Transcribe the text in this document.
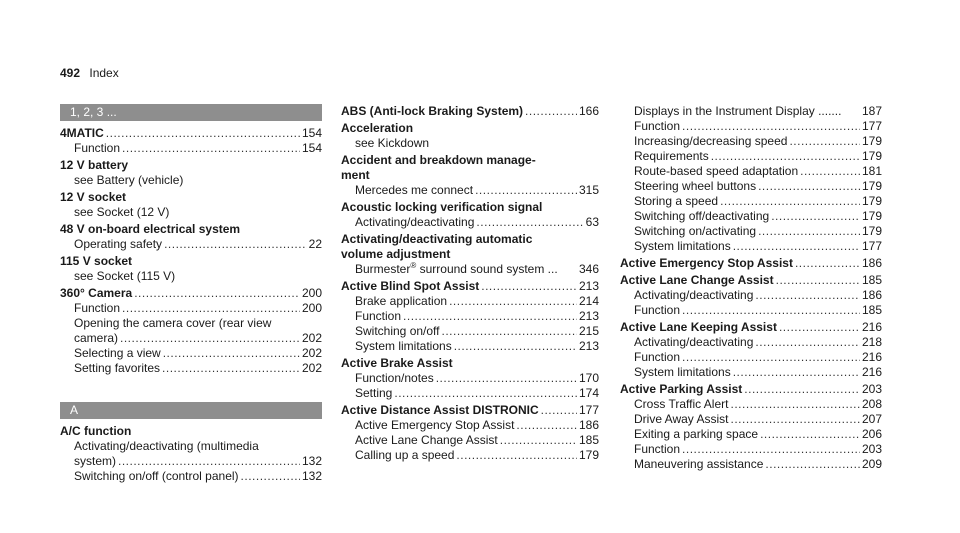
492 Index
1, 2, 3 ...
4MATIC .....	154
Function .....	154
12 V battery
see Battery (vehicle)
12 V socket
see Socket (12 V)
48 V on-board electrical system
Operating safety .....	22
115 V socket
see Socket (115 V)
360° Camera .....	200
Function .....	200
Opening the camera cover (rear view
camera) .....	202
Selecting a view .....	202
Setting favorites .....	202
A
A/C function
Activating/deactivating (multimedia
system) .....	132
Switching on/off (control panel) .....	132
ABS (Anti-lock Braking System) .....	166
Acceleration
see Kickdown
Accident and breakdown manage-
ment
Mercedes me connect .....	315
Acoustic locking verification signal
Activating/deactivating .....	63
Activating/deactivating automatic
volume adjustment
Burmester® surround sound system ... 346
Active Blind Spot Assist .....	213
Brake application .....	214
Function .....	213
Switching on/off .....	215
System limitations .....	213
Active Brake Assist
Function/notes .....	170
Setting .....	174
Active Distance Assist DISTRONIC .....	177
Active Emergency Stop Assist .....	186
Active Lane Change Assist .....	185
Calling up a speed .....	179
Displays in the Instrument Display ....... 187
Function .....	177
Increasing/decreasing speed .....	179
Requirements .....	179
Route-based speed adaptation .....	181
Steering wheel buttons .....	179
Storing a speed .....	179
Switching off/deactivating .....	179
Switching on/activating .....	179
System limitations .....	177
Active Emergency Stop Assist .....	186
Active Lane Change Assist .....	185
Activating/deactivating .....	186
Function .....	185
Active Lane Keeping Assist .....	216
Activating/deactivating .....	218
Function .....	216
System limitations .....	216
Active Parking Assist .....	203
Cross Traffic Alert .....	208
Drive Away Assist .....	207
Exiting a parking space .....	206
Function .....	203
Maneuvering assistance .....	209
